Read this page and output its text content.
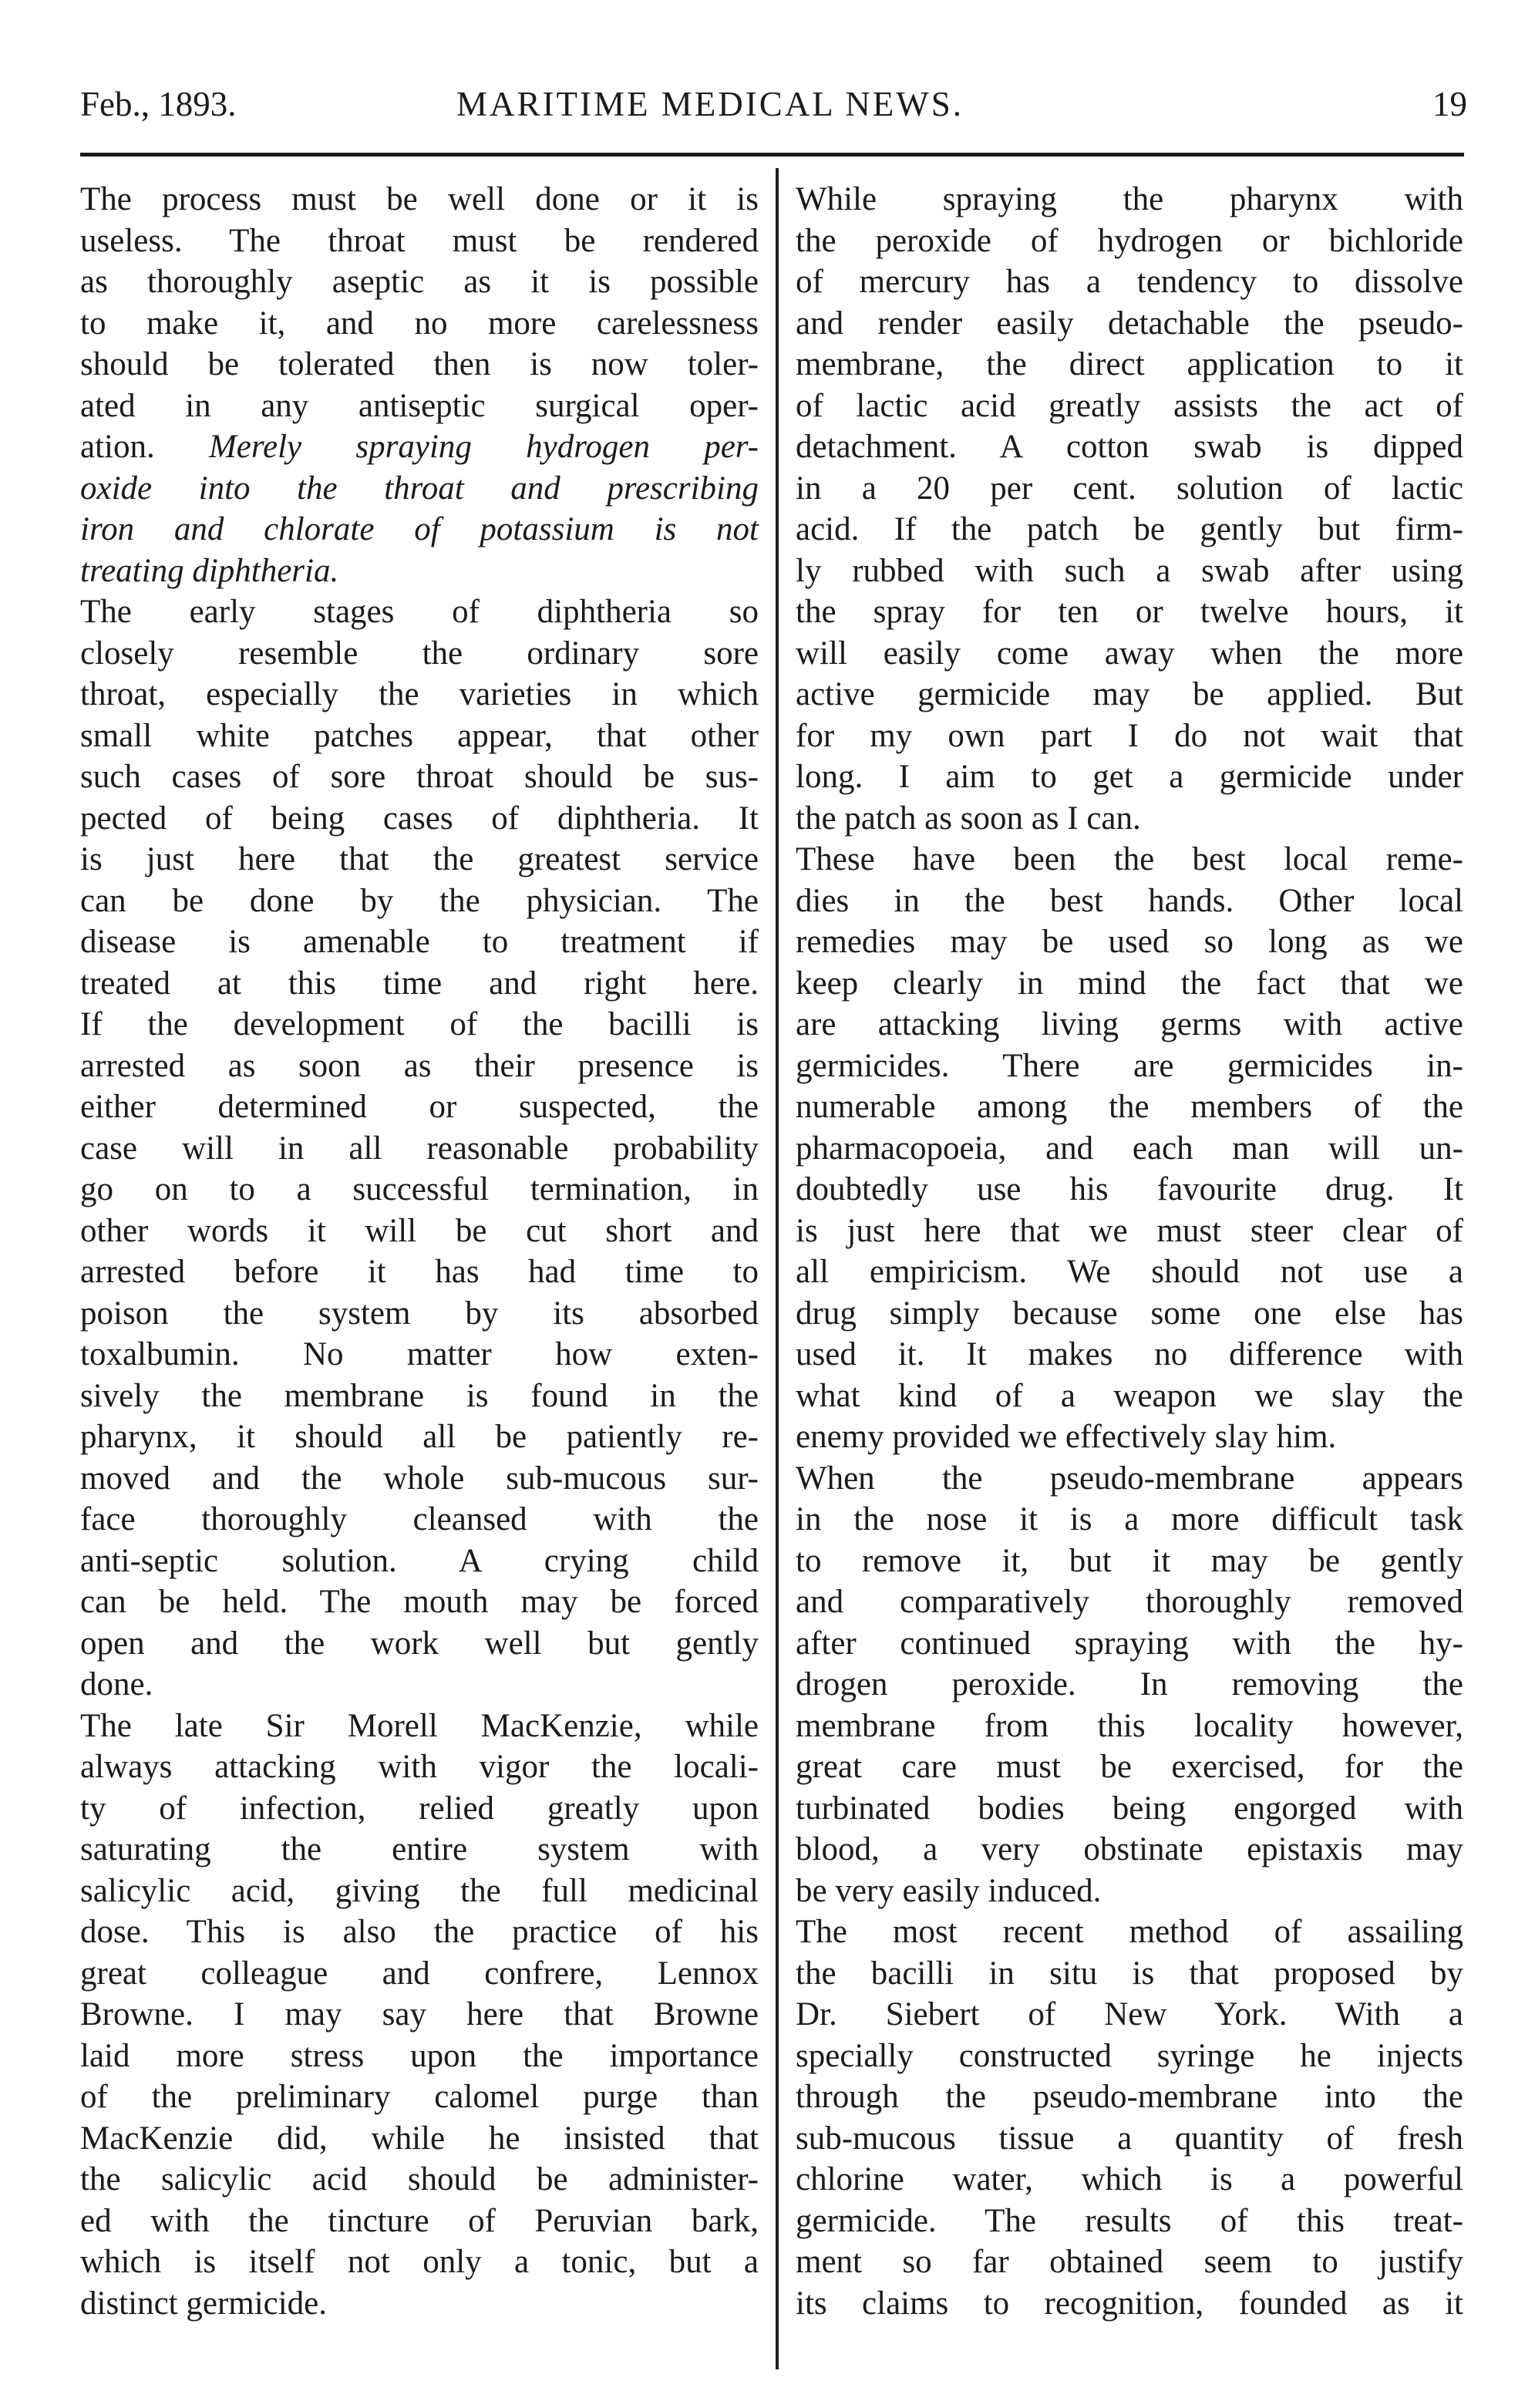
Feb., 1893.	MARITIME MEDICAL NEWS.	19
The process must be well done or it is
useless. The throat must be rendered
as thoroughly aseptic as it is possible
to make it, and no more carelessness
should be tolerated then is now toler-
ated in any antiseptic surgical oper-
ation. Merely spraying hydrogen per-
oxide into the throat and prescribing
iron and chlorate of potassium is not
treating diphtheria.
The early stages of diphtheria so
closely resemble the ordinary sore
throat, especially the varieties in which
small white patches appear, that other
such cases of sore throat should be sus-
pected of being cases of diphtheria. It
is just here that the greatest service
can be done by the physician. The
disease is amenable to treatment if
treated at this time and right here.
If the development of the bacilli is
arrested as soon as their presence is
either determined or suspected, the
case will in all reasonable probability
go on to a successful termination, in
other words it will be cut short and
arrested before it has had time to
poison the system by its absorbed
toxalbumin. No matter how exten-
sively the membrane is found in the
pharynx, it should all be patiently re-
moved and the whole sub-mucous sur-
face thoroughly cleansed with the
anti-septic solution. A crying child
can be held. The mouth may be forced
open and the work well but gently
done.
The late Sir Morell MacKenzie, while
always attacking with vigor the locali-
ty of infection, relied greatly upon
saturating the entire system with
salicylic acid, giving the full medicinal
dose. This is also the practice of his
great colleague and confrere, Lennox
Browne. I may say here that Browne
laid more stress upon the importance
of the preliminary calomel purge than
MacKenzie did, while he insisted that
the salicylic acid should be administer-
ed with the tincture of Peruvian bark,
which is itself not only a tonic, but a
distinct germicide.
While spraying the pharynx with
the peroxide of hydrogen or bichloride
of mercury has a tendency to dissolve
and render easily detachable the pseudo-
membrane, the direct application to it
of lactic acid greatly assists the act of
detachment. A cotton swab is dipped
in a 20 per cent. solution of lactic
acid. If the patch be gently but firm-
ly rubbed with such a swab after using
the spray for ten or twelve hours, it
will easily come away when the more
active germicide may be applied. But
for my own part I do not wait that
long. I aim to get a germicide under
the patch as soon as I can.
These have been the best local reme-
dies in the best hands. Other local
remedies may be used so long as we
keep clearly in mind the fact that we
are attacking living germs with active
germicides. There are germicides in-
numerable among the members of the
pharmacopoeia, and each man will un-
doubtedly use his favourite drug. It
is just here that we must steer clear of
all empiricism. We should not use a
drug simply because some one else has
used it. It makes no difference with
what kind of a weapon we slay the
enemy provided we effectively slay him.
When the pseudo-membrane appears
in the nose it is a more difficult task
to remove it, but it may be gently
and comparatively thoroughly removed
after continued spraying with the hy-
drogen peroxide. In removing the
membrane from this locality however,
great care must be exercised, for the
turbinated bodies being engorged with
blood, a very obstinate epistaxis may
be very easily induced.
The most recent method of assailing
the bacilli in situ is that proposed by
Dr. Siebert of New York. With a
specially constructed syringe he injects
through the pseudo-membrane into the
sub-mucous tissue a quantity of fresh
chlorine water, which is a powerful
germicide. The results of this treat-
ment so far obtained seem to justify
its claims to recognition, founded as it
